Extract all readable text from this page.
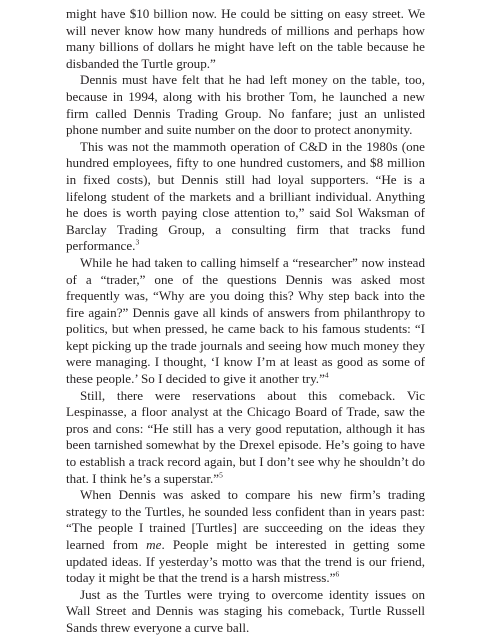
might have $10 billion now. He could be sitting on easy street. We will never know how many hundreds of millions and perhaps how many billions of dollars he might have left on the table because he disbanded the Turtle group.”

Dennis must have felt that he had left money on the table, too, because in 1994, along with his brother Tom, he launched a new firm called Dennis Trading Group. No fanfare; just an unlisted phone number and suite number on the door to protect anonymity.

This was not the mammoth operation of C&D in the 1980s (one hundred employees, fifty to one hundred customers, and $8 million in fixed costs), but Dennis still had loyal supporters. “He is a lifelong student of the markets and a brilliant individual. Anything he does is worth paying close attention to,” said Sol Waksman of Barclay Trading Group, a consulting firm that tracks fund performance.$^3$

While he had taken to calling himself a “researcher” now instead of a “trader,” one of the questions Dennis was asked most frequently was, “Why are you doing this? Why step back into the fire again?” Dennis gave all kinds of answers from philanthropy to politics, but when pressed, he came back to his famous students: “I kept picking up the trade journals and seeing how much money they were managing. I thought, ‘I know I’m at least as good as some of these people.’ So I decided to give it another try.”$^4$

Still, there were reservations about this comeback. Vic Lespinasse, a floor analyst at the Chicago Board of Trade, saw the pros and cons: “He still has a very good reputation, although it has been tarnished somewhat by the Drexel episode. He’s going to have to establish a track record again, but I don’t see why he shouldn’t do that. I think he’s a superstar.”$^5$

When Dennis was asked to compare his new firm’s trading strategy to the Turtles, he sounded less confident than in years past: “The people I trained [Turtles] are succeeding on the ideas they learned from me. People might be interested in getting some updated ideas. If yesterday’s motto was that the trend is our friend, today it might be that the trend is a harsh mistress.”$^6$

Just as the Turtles were trying to overcome identity issues on Wall Street and Dennis was staging his comeback, Turtle Russell Sands threw everyone a curve ball.
